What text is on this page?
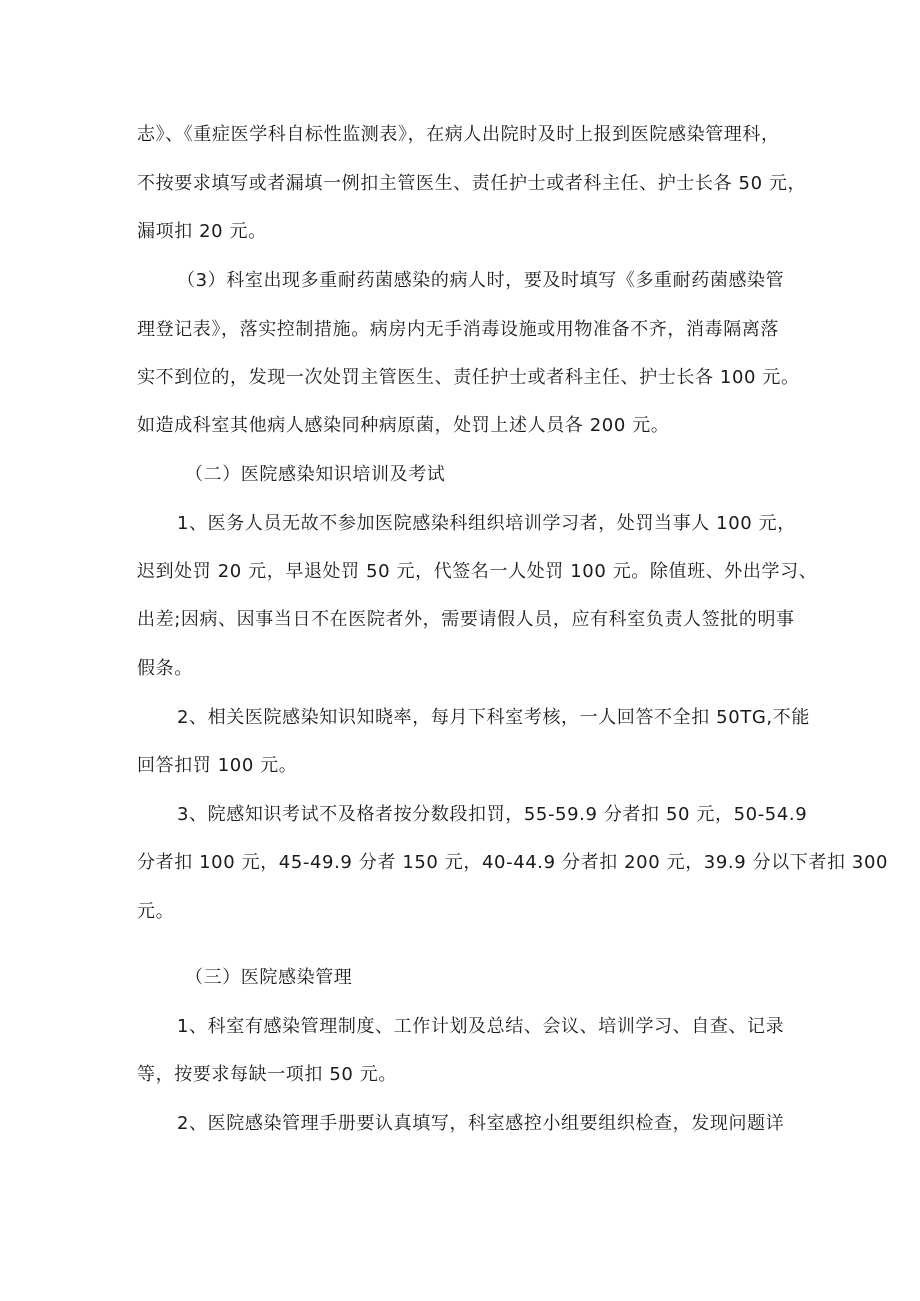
志》、《重症医学科自标性监测表》，在病人出院时及时上报到医院感染管理科，

不按要求填写或者漏填一例扣主管医生、责任护士或者科主任、护士长各 50 元，

漏项扣 20 元。

（3）科室出现多重耐药菌感染的病人时，要及时填写《多重耐药菌感染管

理登记表》，落实控制措施。病房内无手消毒设施或用物准备不齐，消毒隔离落

实不到位的，发现一次处罚主管医生、责任护士或者科主任、护士长各 100 元。

如造成科室其他病人感染同种病原菌，处罚上述人员各 200 元。

（二）医院感染知识培训及考试

1、医务人员无故不参加医院感染科组织培训学习者，处罚当事人 100 元，

迟到处罚 20 元，早退处罚 50 元，代签名一人处罚 100 元。除值班、外出学习、

出差;因病、因事当日不在医院者外，需要请假人员，应有科室负责人签批的明事

假条。

2、相关医院感染知识知晓率，每月下科室考核，一人回答不全扣 50TG,不能

回答扣罚 100 元。

3、院感知识考试不及格者按分数段扣罚，55-59.9 分者扣 50 元，50-54.9

分者扣 100 元，45-49.9 分者 150 元，40-44.9 分者扣 200 元，39.9 分以下者扣 300

元。

（三）医院感染管理

1、科室有感染管理制度、工作计划及总结、会议、培训学习、自查、记录

等，按要求每缺一项扣 50 元。

2、医院感染管理手册要认真填写，科室感控小组要组织检查，发现问题详
